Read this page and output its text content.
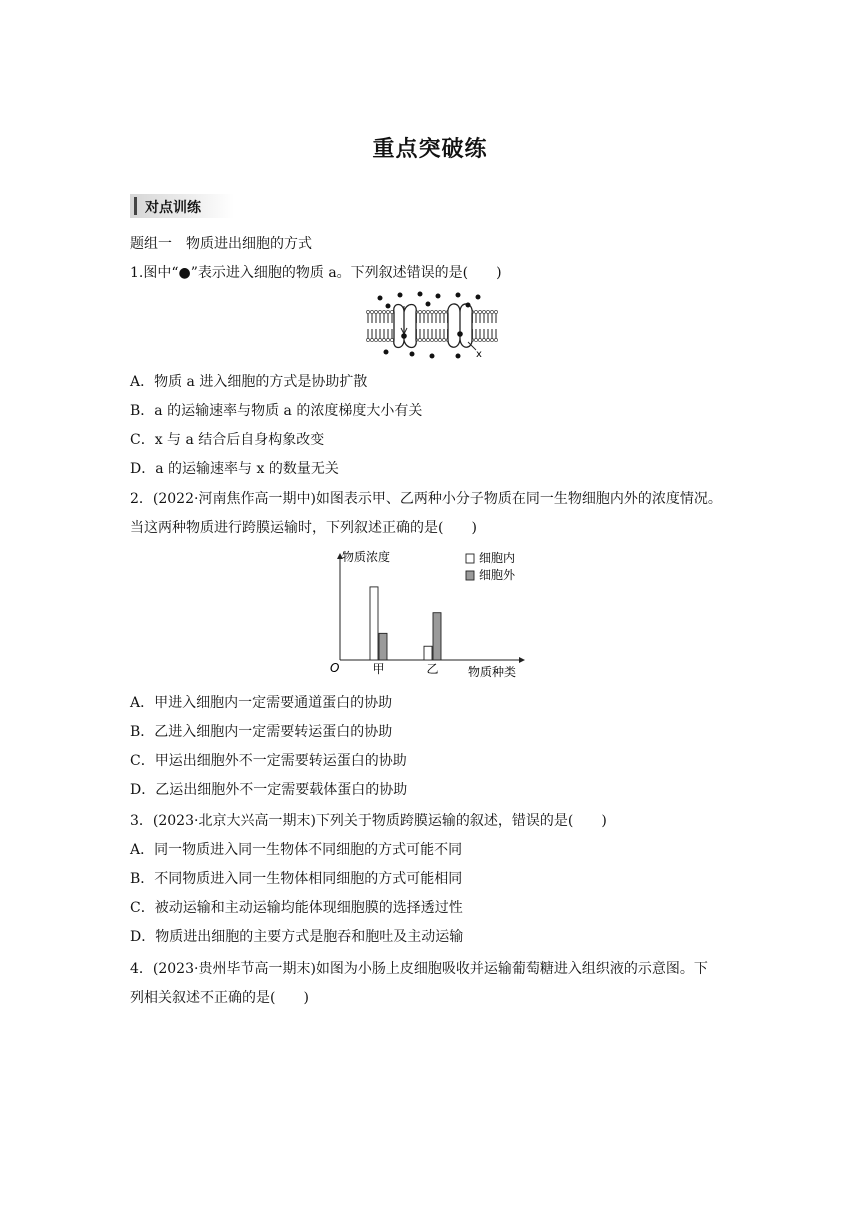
重点突破练
对点训练
题组一　物质进出细胞的方式
1.图中“●”表示进入细胞的物质 a。下列叙述错误的是(　　)
x
A．物质 a 进入细胞的方式是协助扩散
B．a 的运输速率与物质 a 的浓度梯度大小有关
C．x 与 a 结合后自身构象改变
D．a 的运输速率与 x 的数量无关
2．(2022·河南焦作高一期中)如图表示甲、乙两种小分子物质在同一生物细胞内外的浓度情况。
当这两种物质进行跨膜运输时，下列叙述正确的是(　　)
物质浓度
物质种类
O	甲	乙
细胞内
细胞外
A．甲进入细胞内一定需要通道蛋白的协助
B．乙进入细胞内一定需要转运蛋白的协助
C．甲运出细胞外不一定需要转运蛋白的协助
D．乙运出细胞外不一定需要载体蛋白的协助
3．(2023·北京大兴高一期末)下列关于物质跨膜运输的叙述，错误的是(　　)
A．同一物质进入同一生物体不同细胞的方式可能不同
B．不同物质进入同一生物体相同细胞的方式可能相同
C．被动运输和主动运输均能体现细胞膜的选择透过性
D．物质进出细胞的主要方式是胞吞和胞吐及主动运输
4．(2023·贵州毕节高一期末)如图为小肠上皮细胞吸收并运输葡萄糖进入组织液的示意图。下
列相关叙述不正确的是(　　)
